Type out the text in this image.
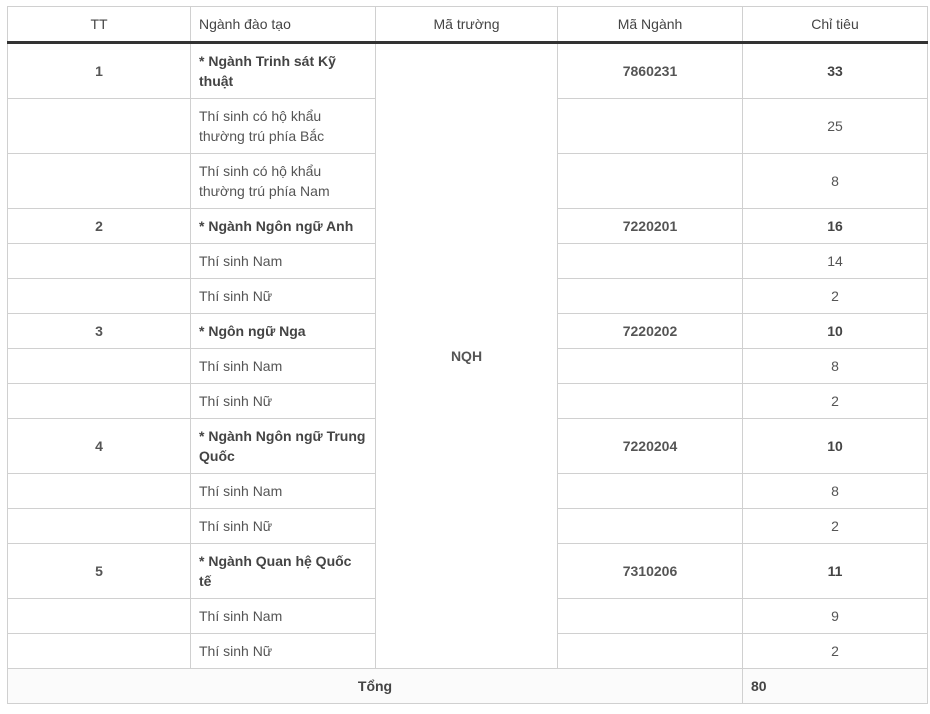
TT	Ngành đào tạo	Mã trường	Mã Ngành	Chỉ tiêu
1	* Ngành Trinh sát Kỹ thuật	NQH	7860231	33
	Thí sinh có hộ khẩu thường trú phía Bắc			25
	Thí sinh có hộ khẩu thường trú phía Nam			8
2	* Ngành Ngôn ngữ Anh		7220201	16
	Thí sinh Nam			14
	Thí sinh Nữ			2
3	* Ngôn ngữ Nga		7220202	10
	Thí sinh Nam			8
	Thí sinh Nữ			2
4	* Ngành Ngôn ngữ Trung Quốc		7220204	10
	Thí sinh Nam			8
	Thí sinh Nữ			2
5	* Ngành Quan hệ Quốc tế		7310206	11
	Thí sinh Nam			9
	Thí sinh Nữ			2
Tổng				80
